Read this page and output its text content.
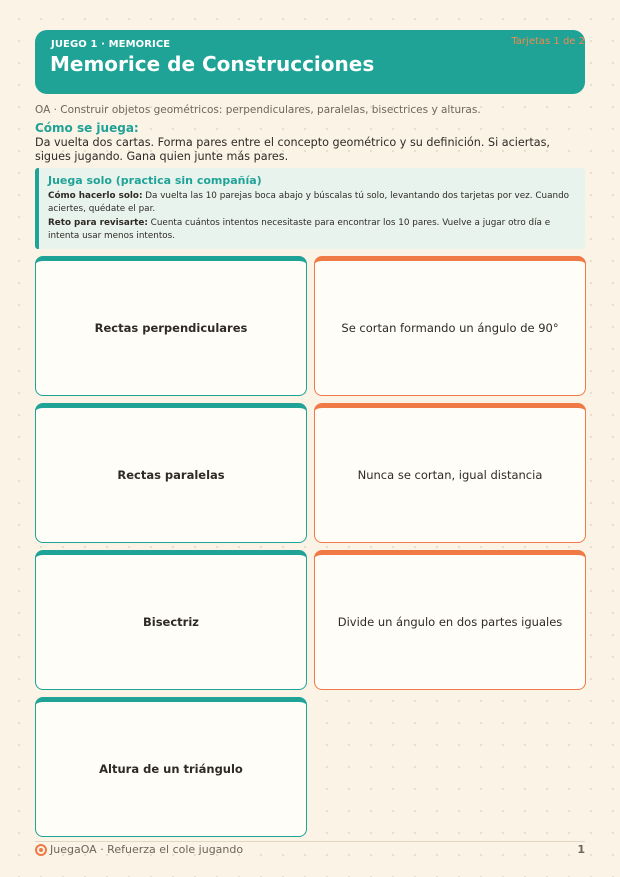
JUEGO 1 · MEMORICE
Memorice de Construcciones
Tarjetas 1 de 2
OA · Construir objetos geométricos: perpendiculares, paralelas, bisectrices y alturas.
Cómo se juega:
Da vuelta dos cartas. Forma pares entre el concepto geométrico y su definición. Si aciertas, sigues jugando. Gana quien junte más pares.
Juega solo (practica sin compañía)
Cómo hacerlo solo: Da vuelta las 10 parejas boca abajo y búscalas tú solo, levantando dos tarjetas por vez. Cuando aciertes, quédate el par.
Reto para revisarte: Cuenta cuántos intentos necesitaste para encontrar los 10 pares. Vuelve a jugar otro día e intenta usar menos intentos.
Rectas perpendiculares	Se cortan formando un ángulo de 90°
Rectas paralelas	Nunca se cortan, igual distancia
Bisectriz	Divide un ángulo en dos partes iguales
Altura de un triángulo
JuegaOA · Refuerza el cole jugando	1
